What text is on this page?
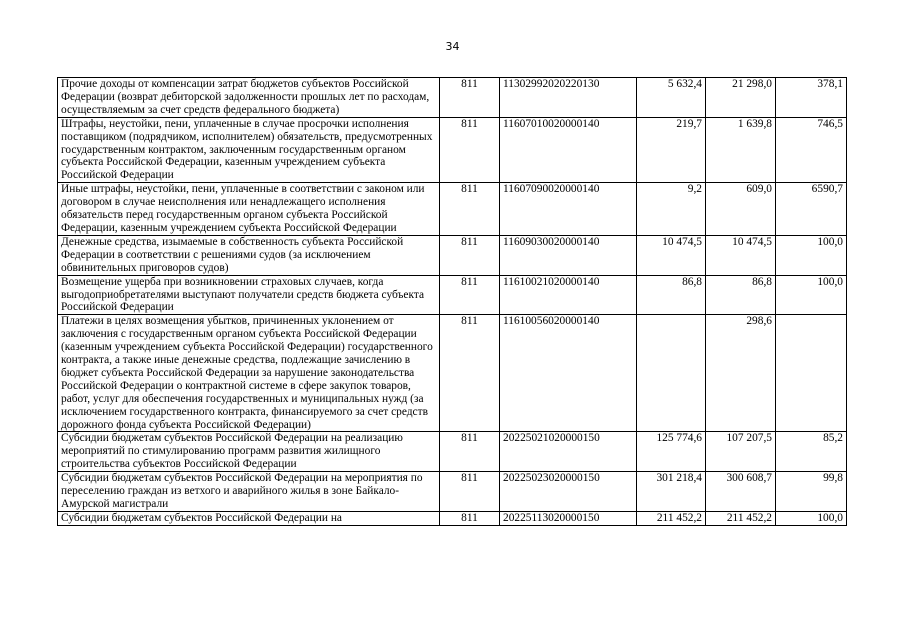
34
Прочие доходы от компенсации затрат бюджетов субъектов Российской Федерации (возврат дебиторской задолженности прошлых лет по расходам, осуществляемым за счет средств федерального бюджета)	811	11302992020220130	5 632,4	21 298,0	378,1
Штрафы, неустойки, пени, уплаченные в случае просрочки исполнения поставщиком (подрядчиком, исполнителем) обязательств, предусмотренных государственным контрактом, заключенным государственным органом субъекта Российской Федерации, казенным учреждением субъекта Российской Федерации	811	11607010020000140	219,7	1 639,8	746,5
Иные штрафы, неустойки, пени, уплаченные в соответствии с законом или договором в случае неисполнения или ненадлежащего исполнения обязательств перед государственным органом субъекта Российской Федерации, казенным учреждением субъекта Российской Федерации	811	11607090020000140	9,2	609,0	6590,7
Денежные средства, изымаемые в собственность субъекта Российской Федерации в соответствии с решениями судов (за исключением обвинительных приговоров судов)	811	11609030020000140	10 474,5	10 474,5	100,0
Возмещение ущерба при возникновении страховых случаев, когда выгодоприобретателями выступают получатели средств бюджета субъекта Российской Федерации	811	11610021020000140	86,8	86,8	100,0
Платежи в целях возмещения убытков, причиненных уклонением от заключения с государственным органом субъекта Российской Федерации (казенным учреждением субъекта Российской Федерации) государственного контракта, а также иные денежные средства, подлежащие зачислению в бюджет субъекта Российской Федерации за нарушение законодательства Российской Федерации о контрактной системе в сфере закупок товаров, работ, услуг для обеспечения государственных и муниципальных нужд (за исключением государственного контракта, финансируемого за счет средств дорожного фонда субъекта Российской Федерации)	811	11610056020000140		298,6	
Субсидии бюджетам субъектов Российской Федерации на реализацию мероприятий по стимулированию программ развития жилищного строительства субъектов Российской Федерации	811	20225021020000150	125 774,6	107 207,5	85,2
Субсидии бюджетам субъектов Российской Федерации на мероприятия по переселению граждан из ветхого и аварийного жилья в зоне Байкало-Амурской магистрали	811	20225023020000150	301 218,4	300 608,7	99,8
Субсидии бюджетам субъектов Российской Федерации на	811	20225113020000150	211 452,2	211 452,2	100,0
